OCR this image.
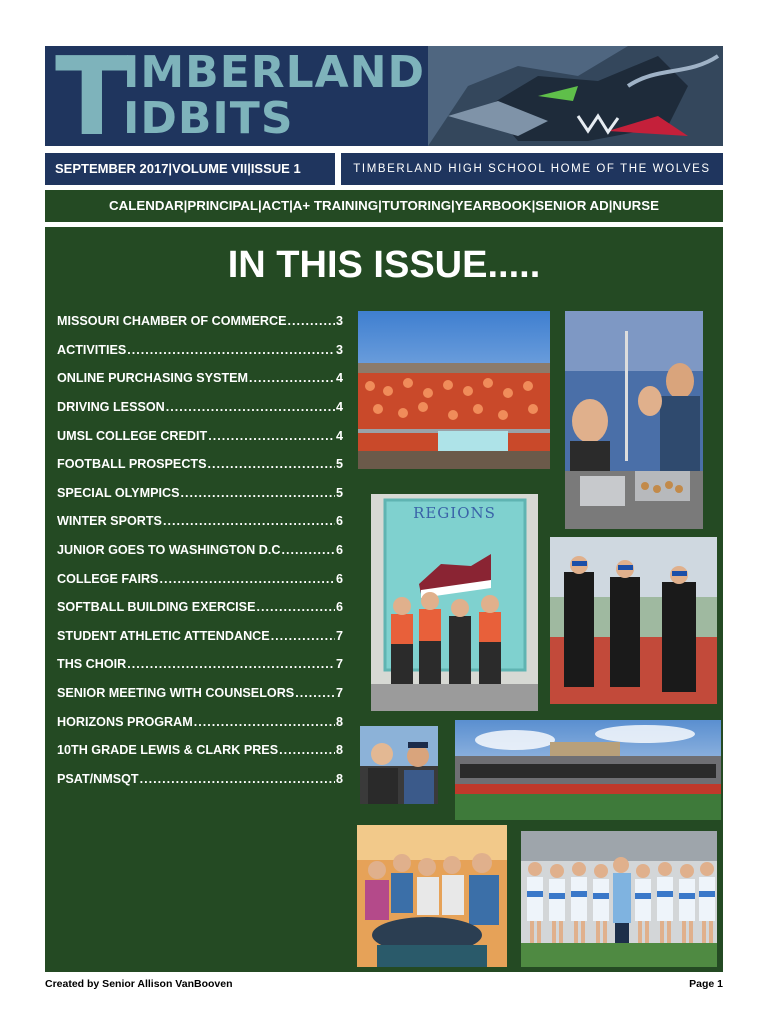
T
IMBERLAND
IDBITS
SEPTEMBER 2017|VOLUME VII|ISSUE 1	TIMBERLAND HIGH SCHOOL HOME OF THE WOLVES
CALENDAR|PRINCIPAL|ACT|A+ TRAINING|TUTORING|YEARBOOK|SENIOR AD|NURSE
IN THIS ISSUE.....
MISSOURI CHAMBER OF COMMERCE .....	3
ACTIVITIES .....	3
ONLINE PURCHASING SYSTEM .....	4
DRIVING LESSON .....	4
UMSL COLLEGE CREDIT .....	4
FOOTBALL PROSPECTS .....	5
SPECIAL OLYMPICS .....	5
WINTER SPORTS .....	6
JUNIOR GOES TO WASHINGTON D.C .....	6
COLLEGE FAIRS .....	6
SOFTBALL BUILDING EXERCISE .....	6
STUDENT ATHLETIC ATTENDANCE .....	7
THS CHOIR .....	7
SENIOR MEETING WITH COUNSELORS .....	7
HORIZONS PROGRAM .....	8
10TH GRADE LEWIS & CLARK PRES .....	8
PSAT/NMSQT .....	8
REGIONS
Created by Senior Allison VanBooven	Page 1
